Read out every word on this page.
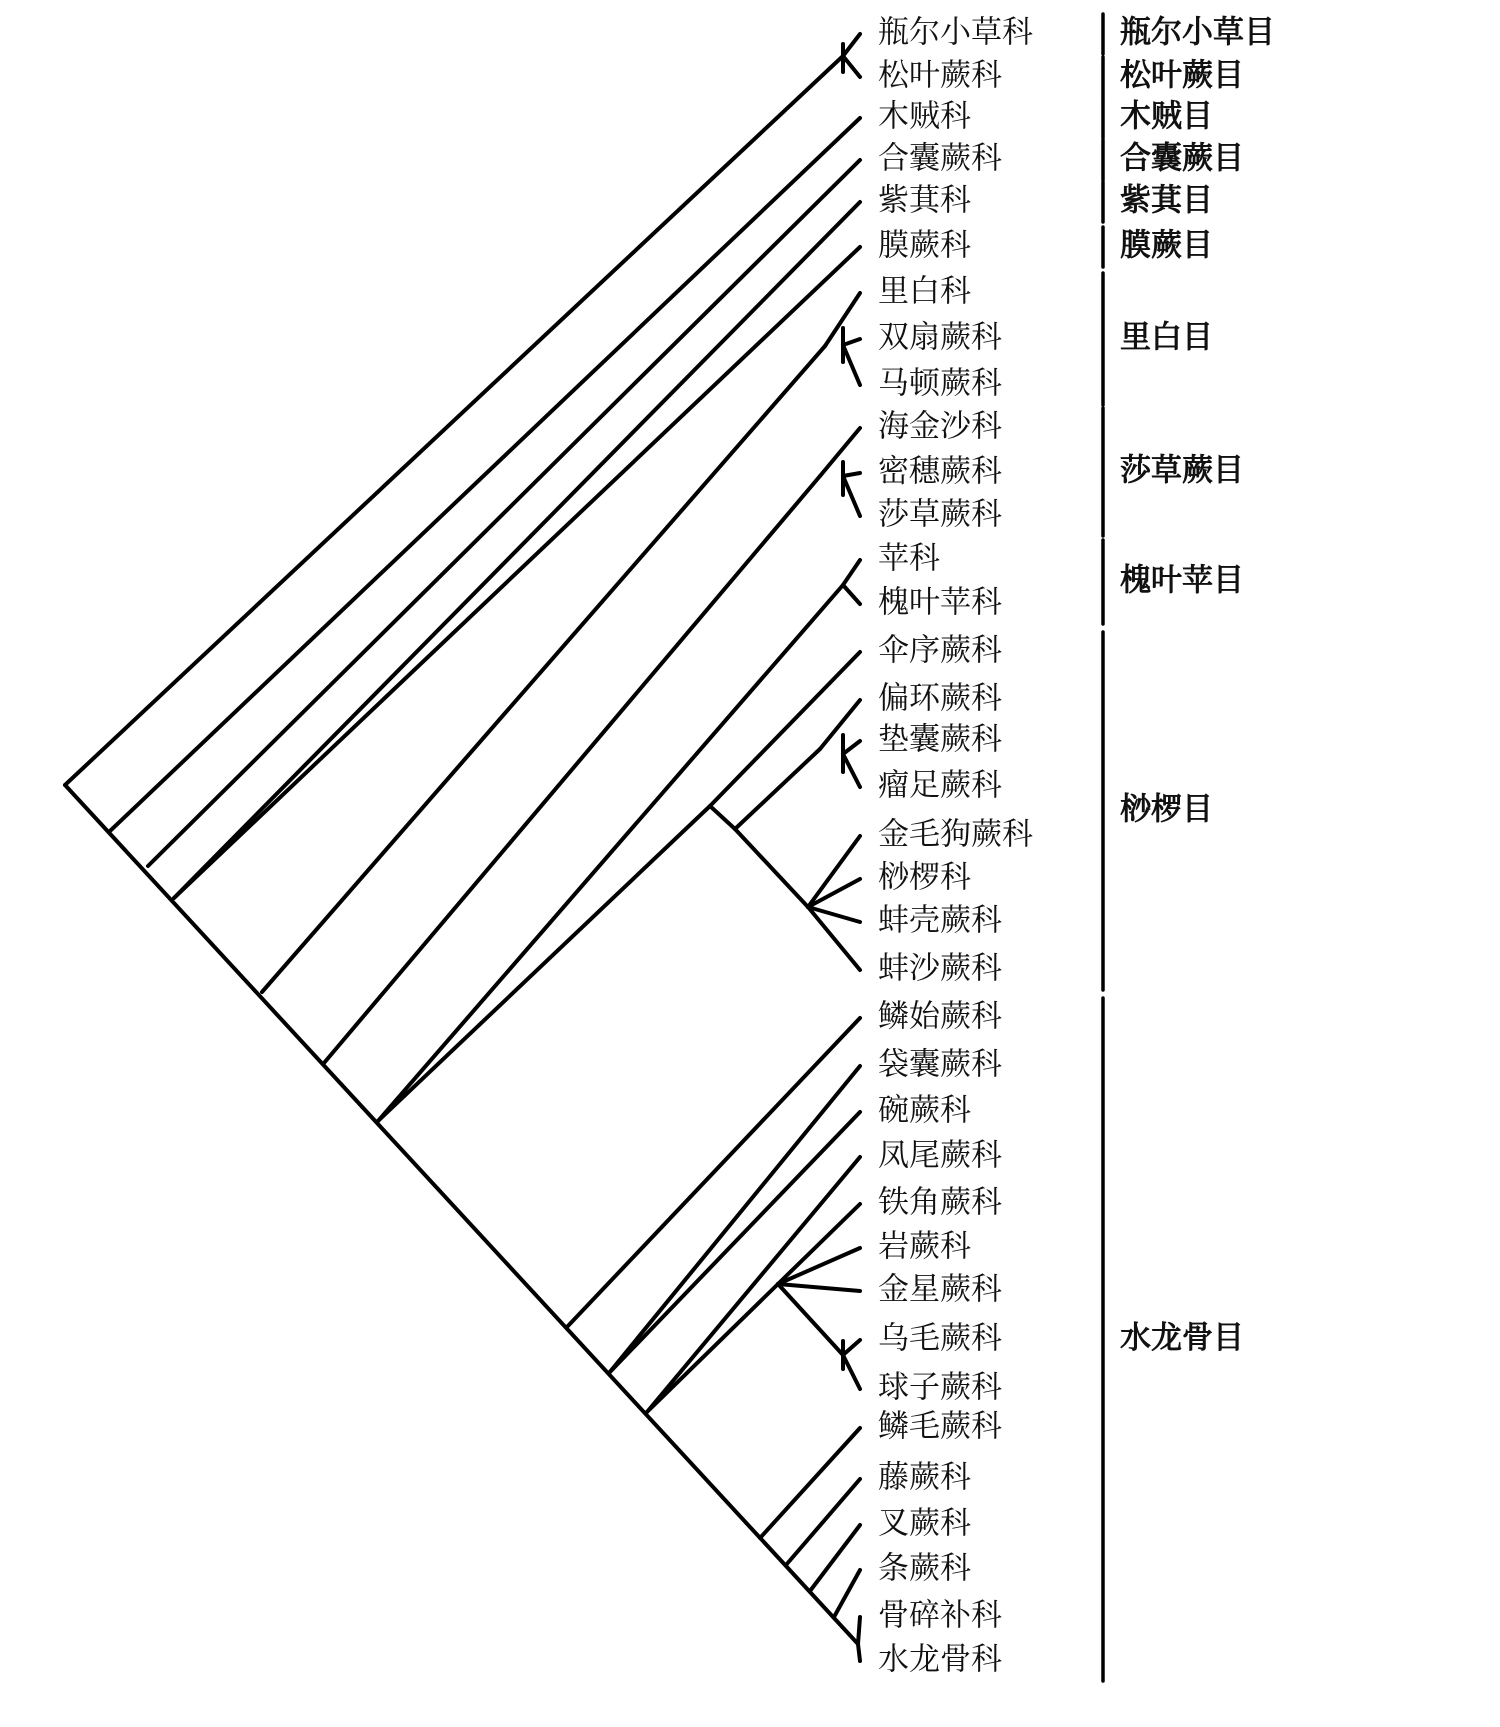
瓶尔小草科
松叶蕨科
木贼科
合囊蕨科
紫萁科
膜蕨科
里白科
双扇蕨科
马顿蕨科
海金沙科
密穗蕨科
莎草蕨科
苹科
槐叶苹科
伞序蕨科
偏环蕨科
垫囊蕨科
瘤足蕨科
金毛狗蕨科
桫椤科
蚌壳蕨科
蚌沙蕨科
鳞始蕨科
袋囊蕨科
碗蕨科
凤尾蕨科
铁角蕨科
岩蕨科
金星蕨科
乌毛蕨科
球子蕨科
鳞毛蕨科
藤蕨科
叉蕨科
条蕨科
骨碎补科
水龙骨科
瓶尔小草目
松叶蕨目
木贼目
合囊蕨目
紫萁目
膜蕨目
里白目
莎草蕨目
槐叶苹目
桫椤目
水龙骨目
